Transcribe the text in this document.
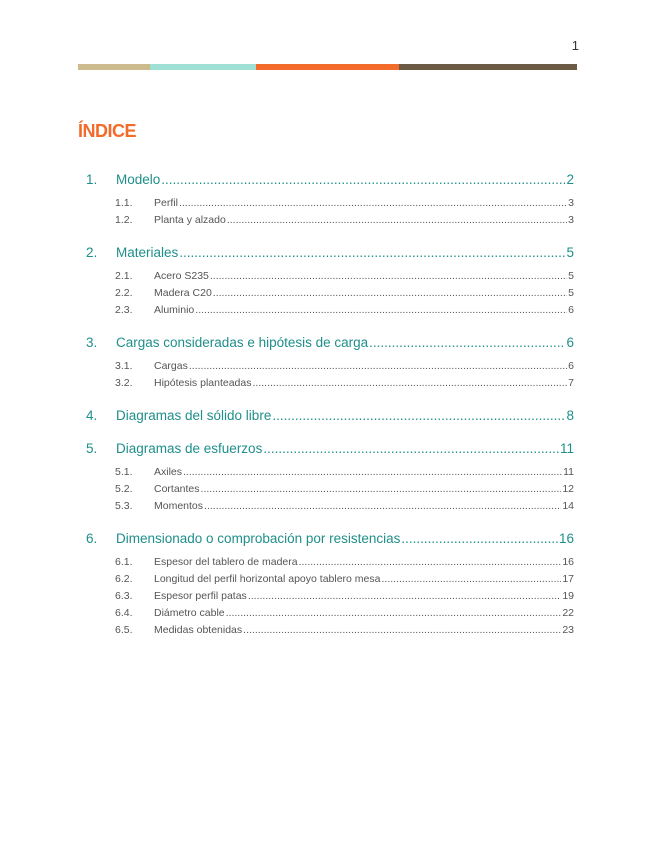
1
ÍNDICE
1.	Modelo .....	2
1.1.	Perfil .....	3
1.2.	Planta y alzado .....	3
2.	Materiales .....	5
2.1.	Acero S235 .....	5
2.2.	Madera C20 .....	5
2.3.	Aluminio .....	6
3.	Cargas consideradas e hipótesis de carga .....	6
3.1.	Cargas .....	6
3.2.	Hipótesis planteadas .....	7
4.	Diagramas del sólido libre .....	8
5.	Diagramas de esfuerzos .....	11
5.1.	Axiles .....	11
5.2.	Cortantes .....	12
5.3.	Momentos .....	14
6.	Dimensionado o comprobación por resistencias .....	16
6.1.	Espesor del tablero de madera .....	16
6.2.	Longitud del perfil horizontal apoyo tablero mesa .....	17
6.3.	Espesor perfil patas .....	19
6.4.	Diámetro cable .....	22
6.5.	Medidas obtenidas .....	23
